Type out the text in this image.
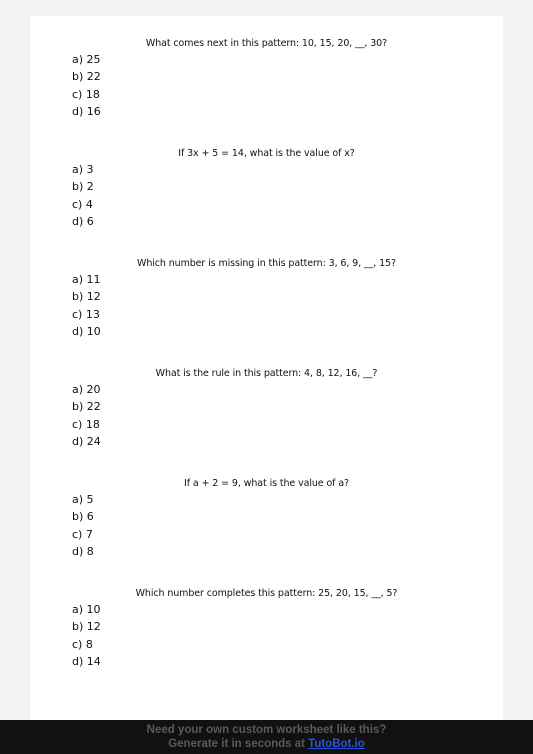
What comes next in this pattern: 10, 15, 20, __, 30?
a) 25
b) 22
c) 18
d) 16
If 3x + 5 = 14, what is the value of x?
a) 3
b) 2
c) 4
d) 6
Which number is missing in this pattern: 3, 6, 9, __, 15?
a) 11
b) 12
c) 13
d) 10
What is the rule in this pattern: 4, 8, 12, 16, __?
a) 20
b) 22
c) 18
d) 24
If a + 2 = 9, what is the value of a?
a) 5
b) 6
c) 7
d) 8
Which number completes this pattern: 25, 20, 15, __, 5?
a) 10
b) 12
c) 8
d) 14
Need your own custom worksheet like this?
Generate it in seconds at TutoBot.io
